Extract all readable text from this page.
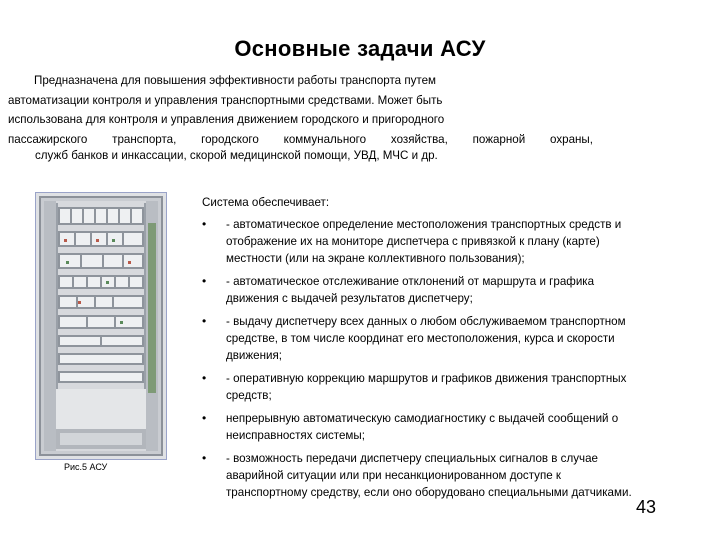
Основные задачи АСУ
Предназначена для повышения эффективности работы транспорта путем
автоматизации контроля и управления транспортными средствами. Может быть
использована для контроля и управления движением городского и пригородного
пассажирского транспорта, городского коммунального хозяйства, пожарной охраны,
служб банков и инкассации, скорой медицинской помощи, УВД, МЧС и др.
Рис.5 АСУ
Система обеспечивает:
• - автоматическое определение местоположения транспортных средств и отображение их на мониторе диспетчера с привязкой к плану (карте) местности (или на экране коллективного пользования);
• - автоматическое отслеживание отклонений от маршрута и графика движения с выдачей результатов диспетчеру;
• - выдачу диспетчеру всех данных о любом обслуживаемом транспортном средстве, в том числе координат его местоположения, курса и скорости движения;
• - оперативную коррекцию маршрутов и графиков движения транспортных средств;
• непрерывную автоматическую самодиагностику с выдачей сообщений о неисправностях системы;
• - возможность передачи диспетчеру специальных сигналов в случае аварийной ситуации или при несанкционированном доступе к транспортному средству, если оно оборудовано специальными датчиками.
43
